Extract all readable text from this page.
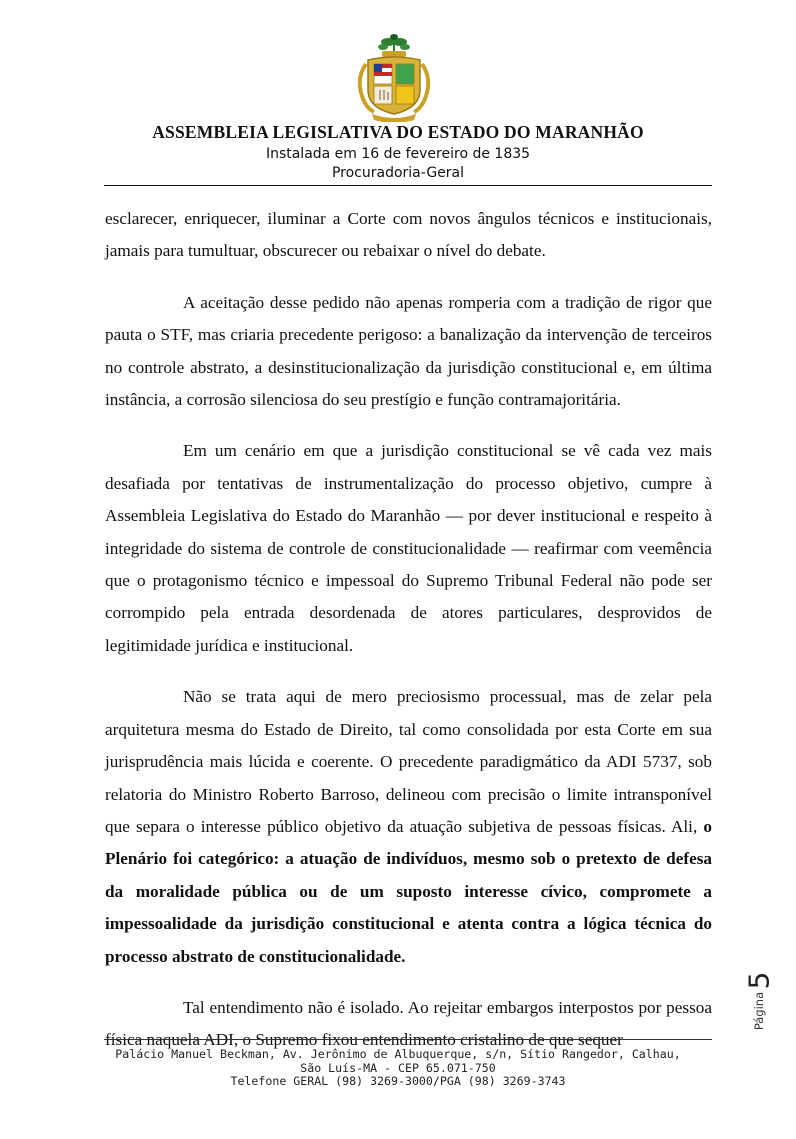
ASSEMBLEIA LEGISLATIVA DO ESTADO DO MARANHÃO
Instalada em 16 de fevereiro de 1835
Procuradoria-Geral

esclarecer, enriquecer, iluminar a Corte com novos ângulos técnicos e institucionais, jamais para tumultuar, obscurecer ou rebaixar o nível do debate.

A aceitação desse pedido não apenas romperia com a tradição de rigor que pauta o STF, mas criaria precedente perigoso: a banalização da intervenção de terceiros no controle abstrato, a desinstitucionalização da jurisdição constitucional e, em última instância, a corrosão silenciosa do seu prestígio e função contramajoritária.

Em um cenário em que a jurisdição constitucional se vê cada vez mais desafiada por tentativas de instrumentalização do processo objetivo, cumpre à Assembleia Legislativa do Estado do Maranhão — por dever institucional e respeito à integridade do sistema de controle de constitucionalidade — reafirmar com veemência que o protagonismo técnico e impessoal do Supremo Tribunal Federal não pode ser corrompido pela entrada desordenada de atores particulares, desprovidos de legitimidade jurídica e institucional.

Não se trata aqui de mero preciosismo processual, mas de zelar pela arquitetura mesma do Estado de Direito, tal como consolidada por esta Corte em sua jurisprudência mais lúcida e coerente. O precedente paradigmático da ADI 5737, sob relatoria do Ministro Roberto Barroso, delineou com precisão o limite intransponível que separa o interesse público objetivo da atuação subjetiva de pessoas físicas. Ali, o Plenário foi categórico: a atuação de indivíduos, mesmo sob o pretexto de defesa da moralidade pública ou de um suposto interesse cívico, compromete a impessoalidade da jurisdição constitucional e atenta contra a lógica técnica do processo abstrato de constitucionalidade.

Tal entendimento não é isolado. Ao rejeitar embargos interpostos por pessoa física naquela ADI, o Supremo fixou entendimento cristalino de que sequer

5
Página
Palácio Manuel Beckman, Av. Jerônimo de Albuquerque, s/n, Sítio Rangedor, Calhau,
São Luís-MA - CEP 65.071-750
Telefone GERAL (98) 3269-3000/PGA (98) 3269-3743
